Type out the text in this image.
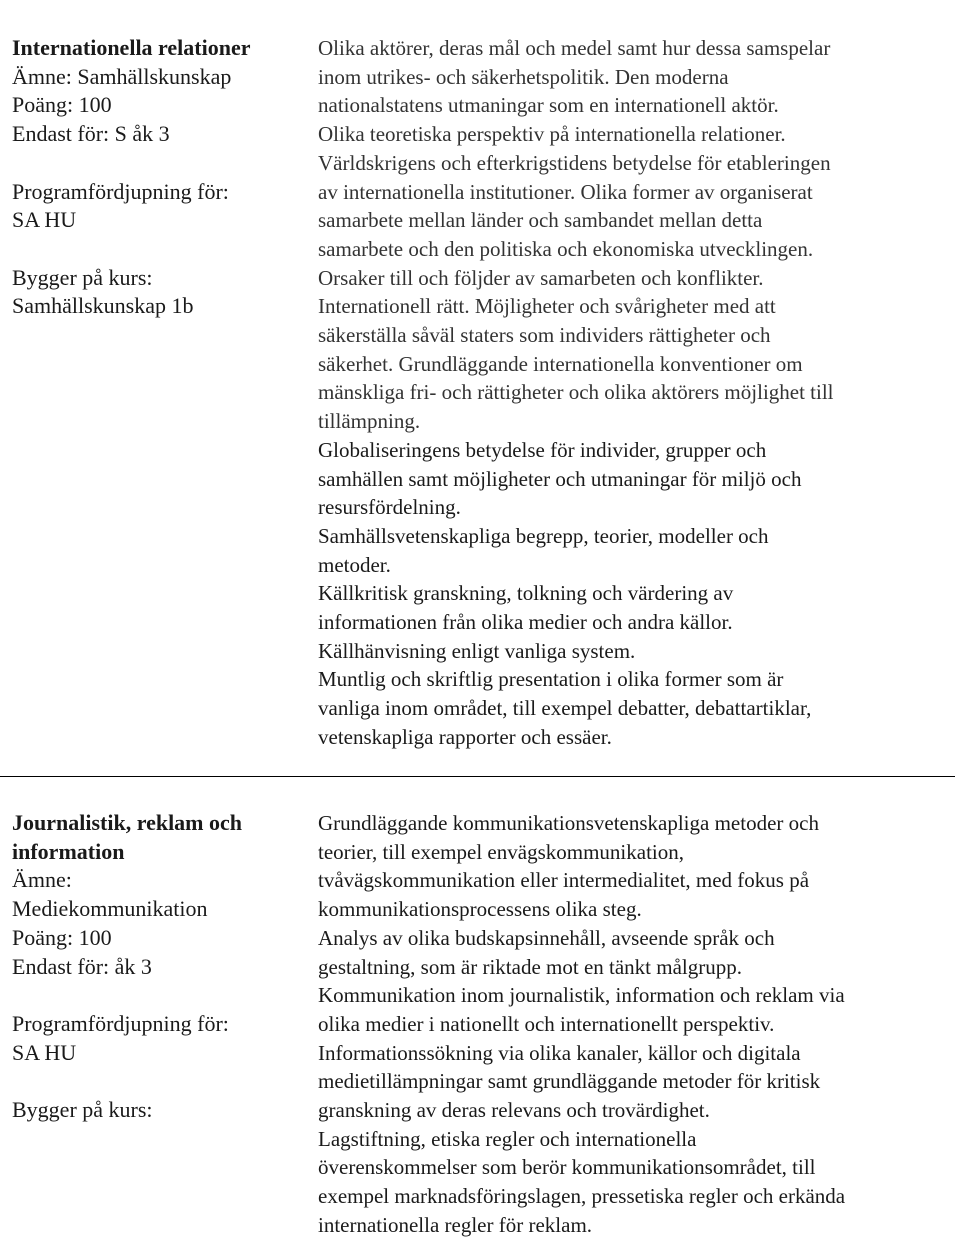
Internationella relationer
Ämne: Samhällskunskap
Poäng: 100
Endast för: S åk 3
Programfördjupning för:
SA HU
Bygger på kurs:
Samhällskunskap 1b

Olika aktörer, deras mål och medel samt hur dessa samspelar

inom utrikes- och säkerhetspolitik. Den moderna

nationalstatens utmaningar som en internationell aktör.

Olika teoretiska perspektiv på internationella relationer.

Världskrigens och efterkrigstidens betydelse för etableringen

av internationella institutioner. Olika former av organiserat

samarbete mellan länder och sambandet mellan detta

samarbete och den politiska och ekonomiska utvecklingen.

Orsaker till och följder av samarbeten och konflikter.

Internationell rätt. Möjligheter och svårigheter med att

säkerställa såväl staters som individers rättigheter och

säkerhet. Grundläggande internationella konventioner om

mänskliga fri- och rättigheter och olika aktörers möjlighet till

tillämpning.

Globaliseringens betydelse för individer, grupper och

samhällen samt möjligheter och utmaningar för miljö och

resursfördelning.

Samhällsvetenskapliga begrepp, teorier, modeller och

metoder.

Källkritisk granskning, tolkning och värdering av

informationen från olika medier och andra källor.

Källhänvisning enligt vanliga system.

Muntlig och skriftlig presentation i olika former som är

vanliga inom området, till exempel debatter, debattartiklar,

vetenskapliga rapporter och essäer.

Journalistik, reklam och
information
Ämne:
Mediekommunikation
Poäng: 100
Endast för: åk 3
Programfördjupning för:
SA HU
Bygger på kurs:

Grundläggande kommunikationsvetenskapliga metoder och

teorier, till exempel envägskommunikation,

tvåvägskommunikation eller intermedialitet, med fokus på

kommunikationsprocessens olika steg.

Analys av olika budskapsinnehåll, avseende språk och

gestaltning, som är riktade mot en tänkt målgrupp.

Kommunikation inom journalistik, information och reklam via

olika medier i nationellt och internationellt perspektiv.

Informationssökning via olika kanaler, källor och digitala

medietillämpningar samt grundläggande metoder för kritisk

granskning av deras relevans och trovärdighet.

Lagstiftning, etiska regler och internationella

överenskommelser som berör kommunikationsområdet, till

exempel marknadsföringslagen, pressetiska regler och erkända

internationella regler för reklam.
